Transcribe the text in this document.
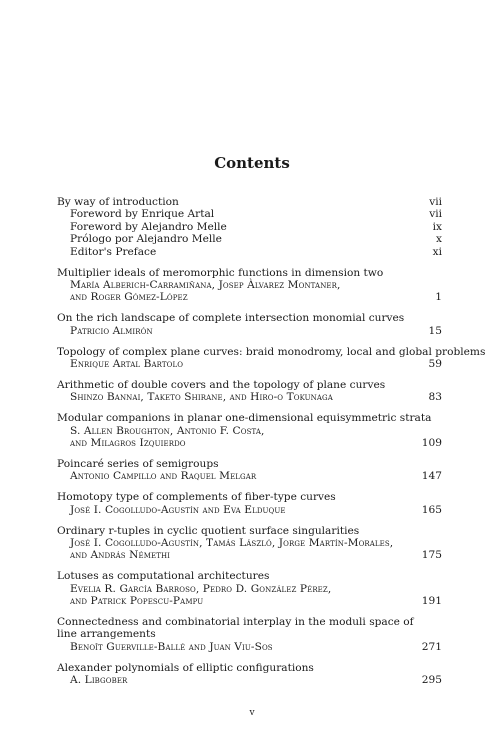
Contents
By way of introduction	vii
Foreword by Enrique Artal	vii
Foreword by Alejandro Melle	ix
Prólogo por Alejandro Melle	x
Editor's Preface	xi
Multiplier ideals of meromorphic functions in dimension two
María Alberich-Carramiñana, Josep Àlvarez Montaner,
and Roger Gómez-López	1
On the rich landscape of complete intersection monomial curves
Patricio Almirón	15
Topology of complex plane curves: braid monodromy, local and global problems
Enrique Artal Bartolo	59
Arithmetic of double covers and the topology of plane curves
Shinzo Bannai, Taketo Shirane, and Hiro-o Tokunaga	83
Modular companions in planar one-dimensional equisymmetric strata
S. Allen Broughton, Antonio F. Costa,
and Milagros Izquierdo	109
Poincaré series of semigroups
Antonio Campillo and Raquel Melgar	147
Homotopy type of complements of fiber-type curves
José I. Cogolludo-Agustín and Eva Elduque	165
Ordinary r-tuples in cyclic quotient surface singularities
José I. Cogolludo-Agustín, Tamás László, Jorge Martín-Morales,
and András Némethi	175
Lotuses as computational architectures
Evelia R. García Barroso, Pedro D. González Pérez,
and Patrick Popescu-Pampu	191
Connectedness and combinatorial interplay in the moduli space of line arrangements
Benoît Guerville-Ballé and Juan Viu-Sos	271
Alexander polynomials of elliptic configurations
A. Libgober	295
v
